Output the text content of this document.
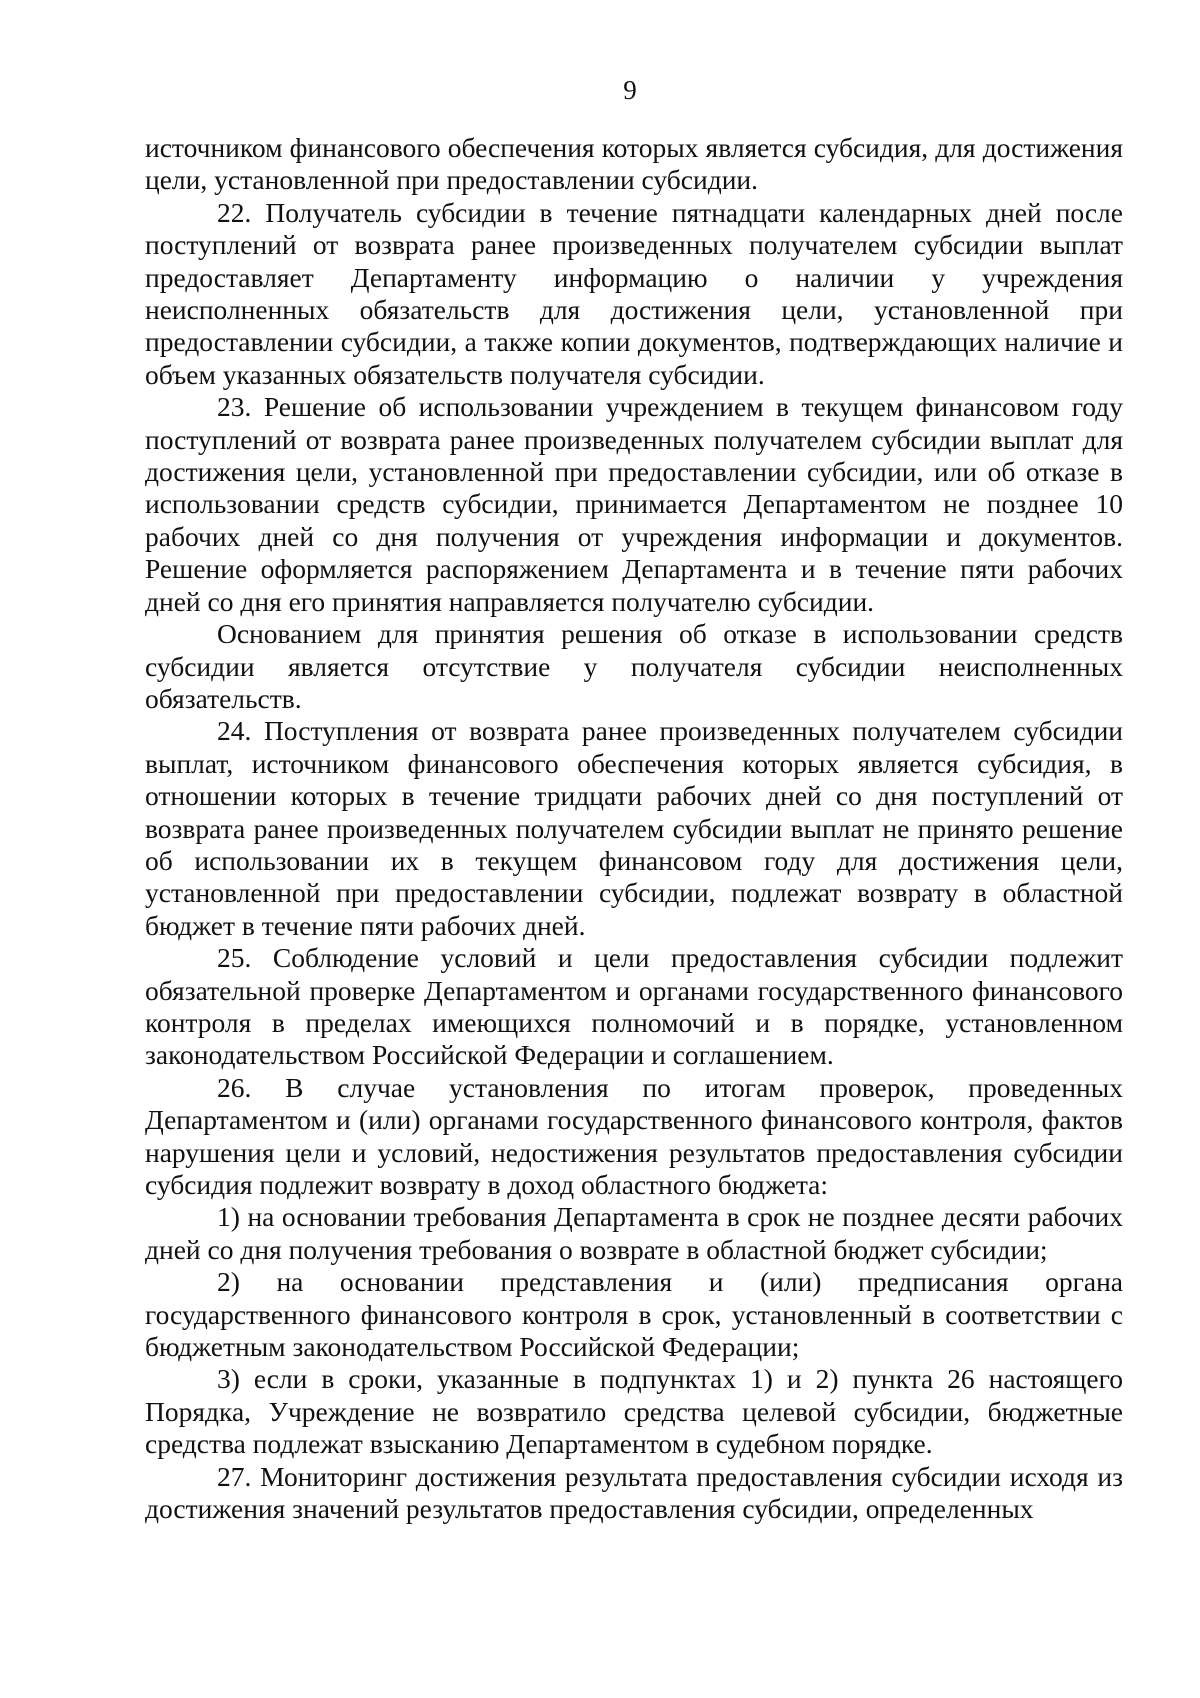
9

источником финансового обеспечения которых является субсидия, для достижения цели, установленной при предоставлении субсидии.

22. Получатель субсидии в течение пятнадцати календарных дней после поступлений от возврата ранее произведенных получателем субсидии выплат предоставляет Департаменту информацию о наличии у учреждения неисполненных обязательств для достижения цели, установленной при предоставлении субсидии, а также копии документов, подтверждающих наличие и объем указанных обязательств получателя субсидии.

23. Решение об использовании учреждением в текущем финансовом году поступлений от возврата ранее произведенных получателем субсидии выплат для достижения цели, установленной при предоставлении субсидии, или об отказе в использовании средств субсидии, принимается Департаментом не позднее 10 рабочих дней со дня получения от учреждения информации и документов. Решение оформляется распоряжением Департамента и в течение пяти рабочих дней со дня его принятия направляется получателю субсидии.

Основанием для принятия решения об отказе в использовании средств субсидии является отсутствие у получателя субсидии неисполненных обязательств.

24. Поступления от возврата ранее произведенных получателем субсидии выплат, источником финансового обеспечения которых является субсидия, в отношении которых в течение тридцати рабочих дней со дня поступлений от возврата ранее произведенных получателем субсидии выплат не принято решение об использовании их в текущем финансовом году для достижения цели, установленной при предоставлении субсидии, подлежат возврату в областной бюджет в течение пяти рабочих дней.

25. Соблюдение условий и цели предоставления субсидии подлежит обязательной проверке Департаментом и органами государственного финансового контроля в пределах имеющихся полномочий и в порядке, установленном законодательством Российской Федерации и соглашением.

26. В случае установления по итогам проверок, проведенных Департаментом и (или) органами государственного финансового контроля, фактов нарушения цели и условий, недостижения результатов предоставления субсидии субсидия подлежит возврату в доход областного бюджета:

1) на основании требования Департамента в срок не позднее десяти рабочих дней со дня получения требования о возврате в областной бюджет субсидии;

2) на основании представления и (или) предписания органа государственного финансового контроля в срок, установленный в соответствии с бюджетным законодательством Российской Федерации;

3) если в сроки, указанные в подпунктах 1) и 2) пункта 26 настоящего Порядка, Учреждение не возвратило средства целевой субсидии, бюджетные средства подлежат взысканию Департаментом в судебном порядке.

27. Мониторинг достижения результата предоставления субсидии исходя из достижения значений результатов предоставления субсидии, определенных
